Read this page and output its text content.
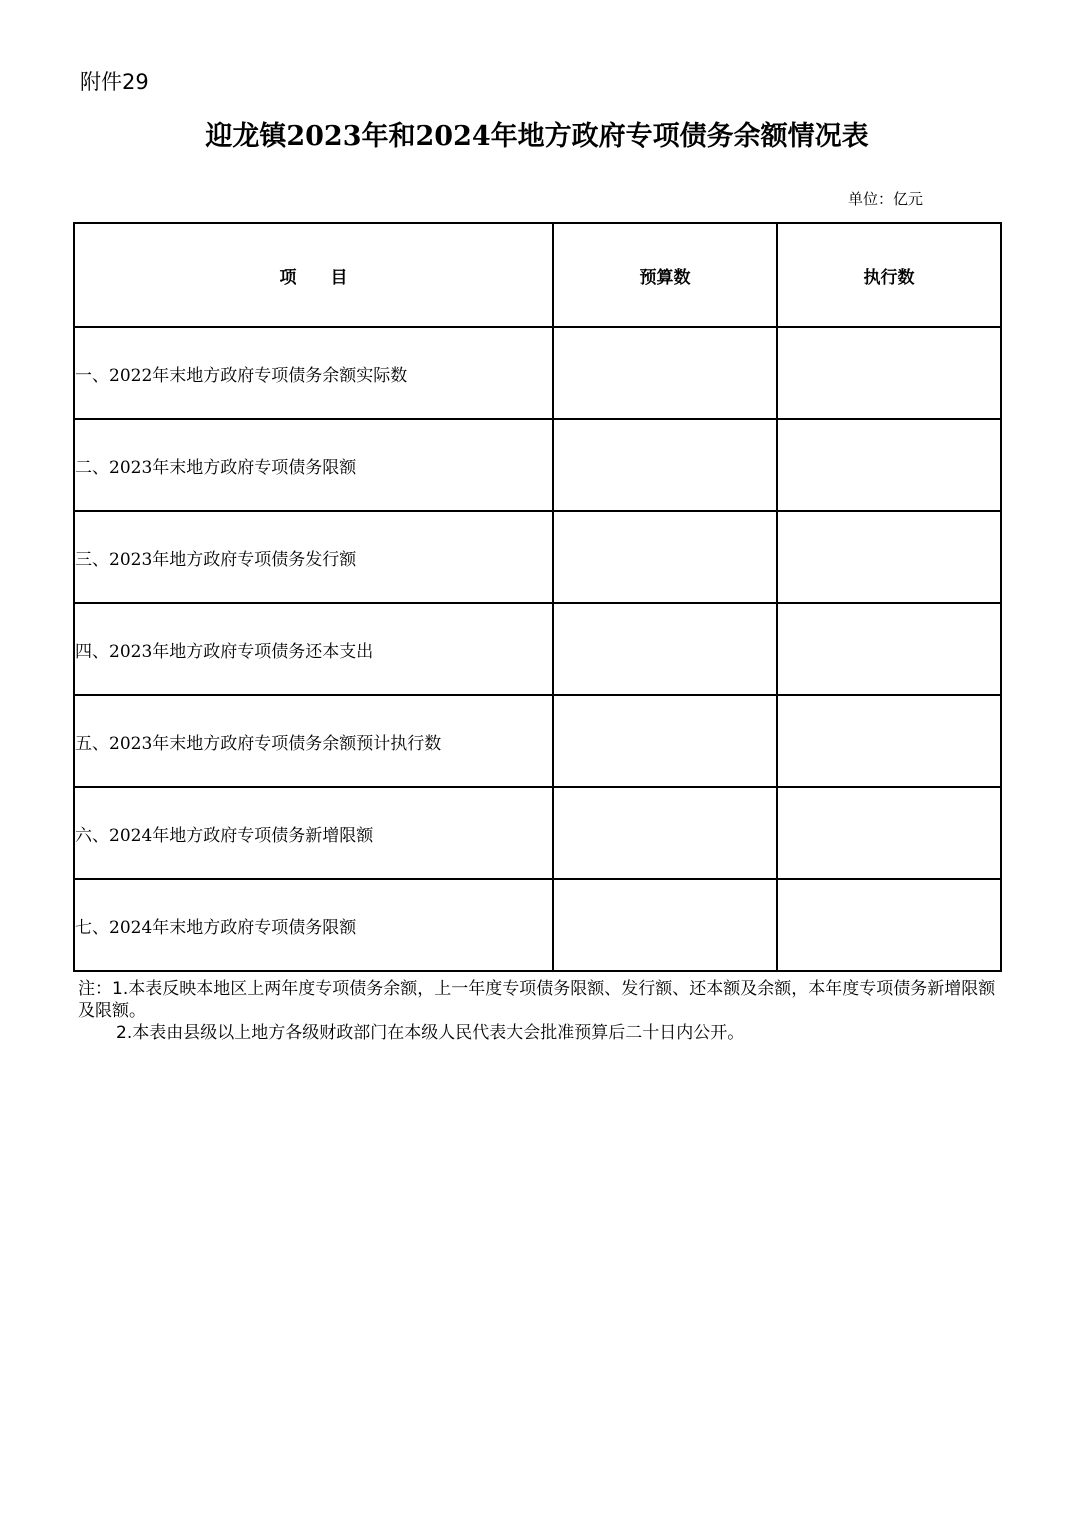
附件29
迎龙镇2023年和2024年地方政府专项债务余额情况表
单位：亿元
项　　目	预算数	执行数
一、2022年末地方政府专项债务余额实际数		
二、2023年末地方政府专项债务限额		
三、2023年地方政府专项债务发行额		
四、2023年地方政府专项债务还本支出		
五、2023年末地方政府专项债务余额预计执行数		
六、2024年地方政府专项债务新增限额		
七、2024年末地方政府专项债务限额		
注：1.本表反映本地区上两年度专项债务余额，上一年度专项债务限额、发行额、还本额及余额，本年度专项债务新增限额及限额。
2.本表由县级以上地方各级财政部门在本级人民代表大会批准预算后二十日内公开。
